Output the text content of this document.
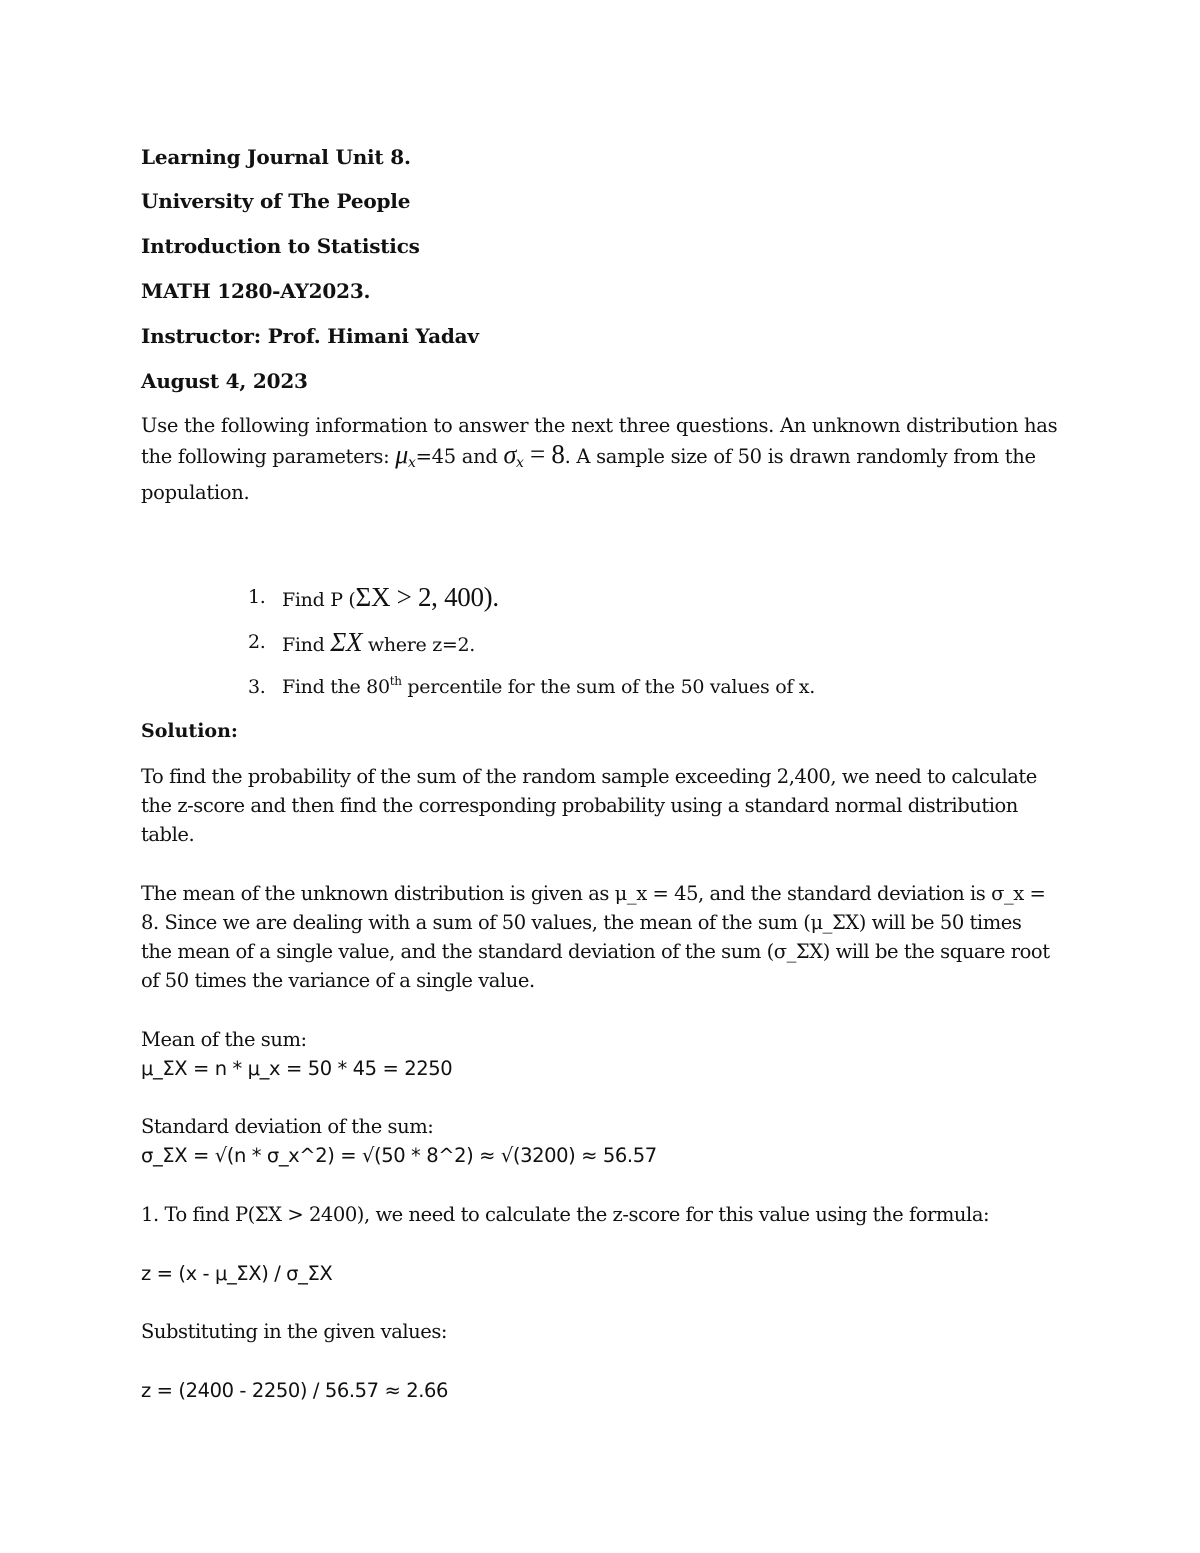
Learning Journal Unit 8.
University of The People
Introduction to Statistics
MATH 1280-AY2023.
Instructor: Prof. Himani Yadav
August 4, 2023
Use the following information to answer the next three questions. An unknown distribution has the following parameters: $\mu_x=45$ and $\sigma_x = 8$. A sample size of 50 is drawn randomly from the population.
1. Find P (ΣX > 2, 400).
2. Find ΣX where z=2.
3. Find the 80th percentile for the sum of the 50 values of x.
Solution:
To find the probability of the sum of the random sample exceeding 2,400, we need to calculate the z-score and then find the corresponding probability using a standard normal distribution table.
The mean of the unknown distribution is given as μ_x = 45, and the standard deviation is σ_x = 8. Since we are dealing with a sum of 50 values, the mean of the sum (μ_ΣX) will be 50 times the mean of a single value, and the standard deviation of the sum (σ_ΣX) will be the square root of 50 times the variance of a single value.
Mean of the sum:
μ_ΣX = n * μ_x = 50 * 45 = 2250
Standard deviation of the sum:
σ_ΣX = √(n * σ_x^2) = √(50 * 8^2) ≈ √(3200) ≈ 56.57
1. To find P(ΣX > 2400), we need to calculate the z-score for this value using the formula:
z = (x - μ_ΣX) / σ_ΣX
Substituting in the given values:
z = (2400 - 2250) / 56.57 ≈ 2.66
